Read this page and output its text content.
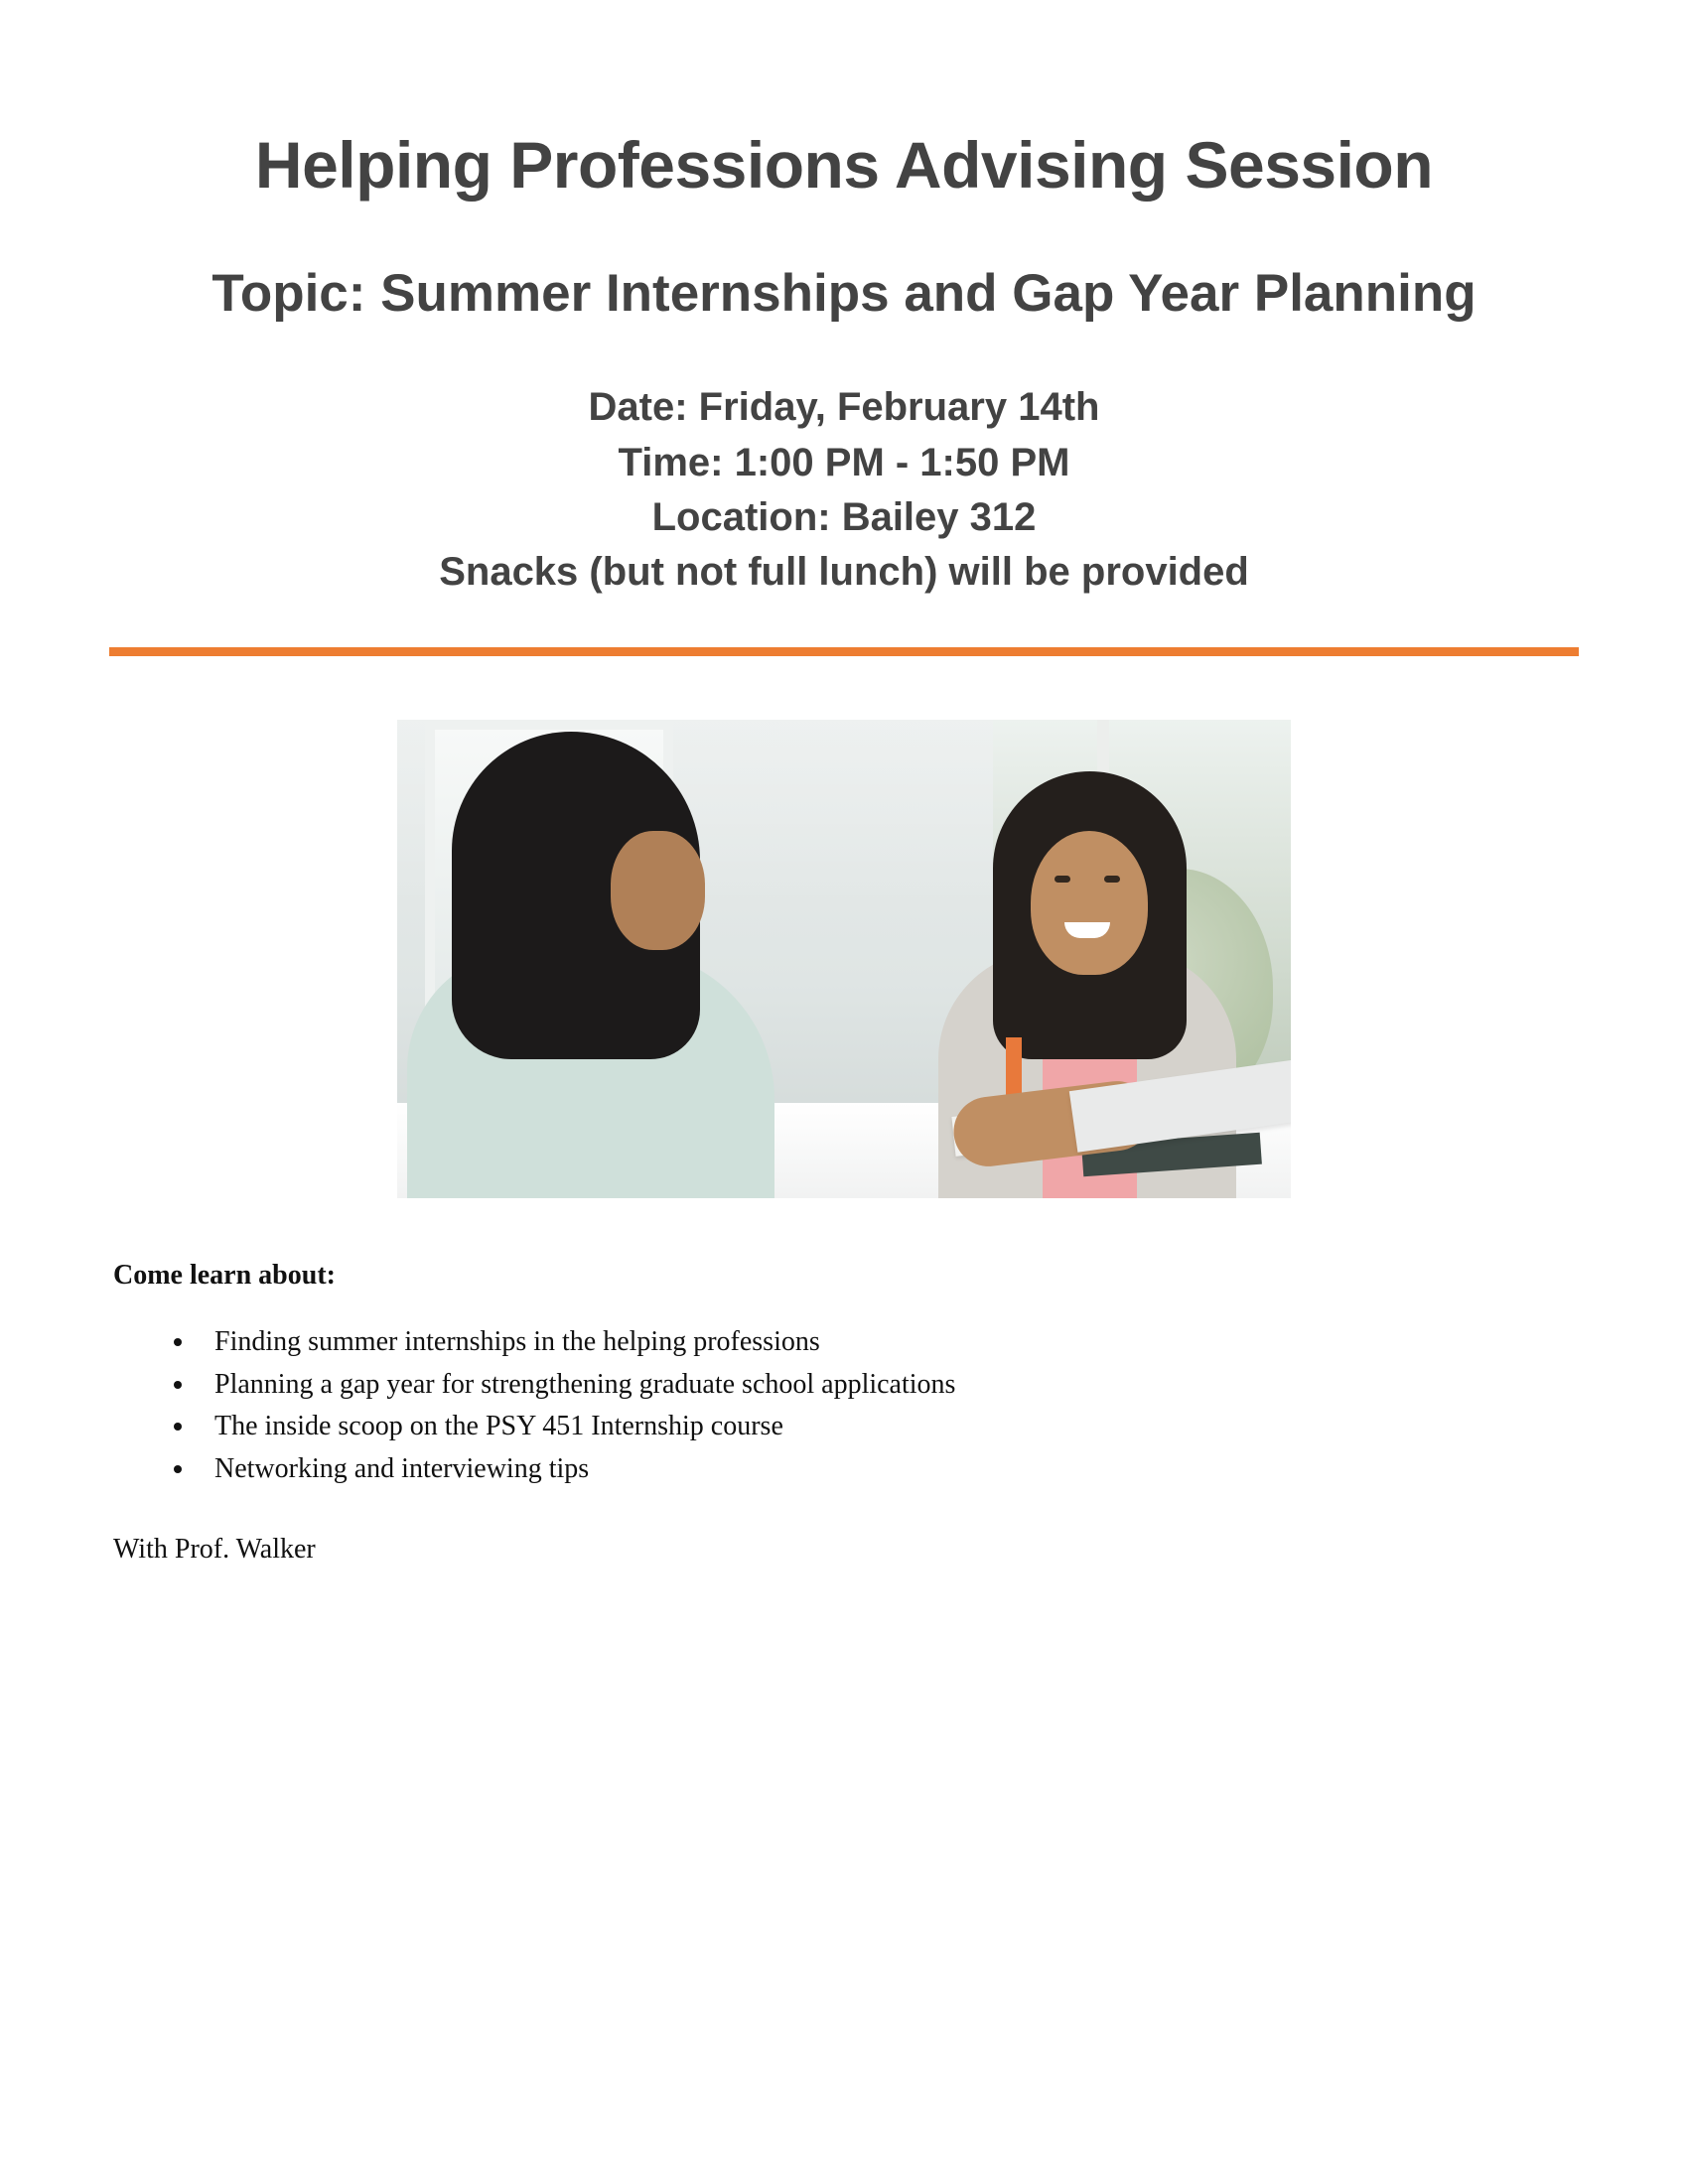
Helping Professions Advising Session
Topic: Summer Internships and Gap Year Planning
Date: Friday, February 14th
Time: 1:00 PM - 1:50 PM
Location: Bailey 312
Snacks (but not full lunch) will be provided
Come learn about:
• Finding summer internships in the helping professions
• Planning a gap year for strengthening graduate school applications
• The inside scoop on the PSY 451 Internship course
• Networking and interviewing tips
With Prof. Walker
